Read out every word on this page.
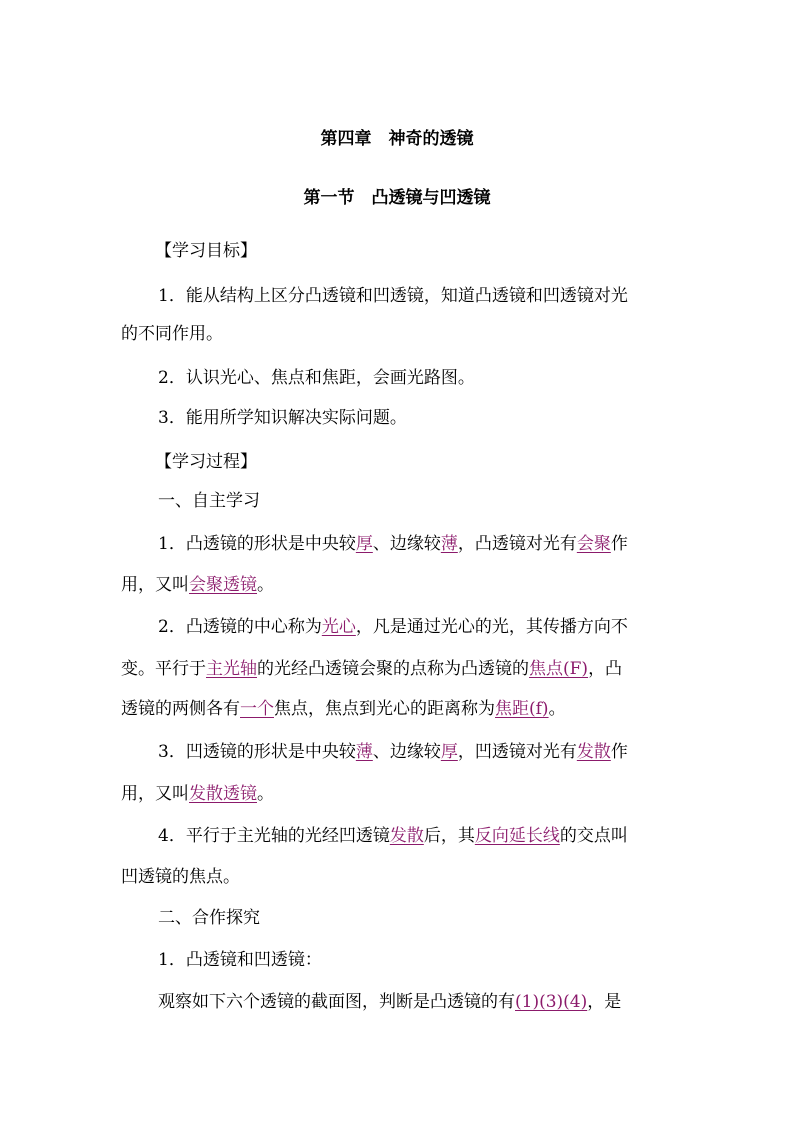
第四章　神奇的透镜
第一节　凸透镜与凹透镜
【学习目标】
1．能从结构上区分凸透镜和凹透镜，知道凸透镜和凹透镜对光
的不同作用。
2．认识光心、焦点和焦距，会画光路图。
3．能用所学知识解决实际问题。
【学习过程】
一、自主学习
1．凸透镜的形状是中央较厚、边缘较薄，凸透镜对光有会聚作
用，又叫会聚透镜。
2．凸透镜的中心称为光心，凡是通过光心的光，其传播方向不
变。平行于主光轴的光经凸透镜会聚的点称为凸透镜的焦点(F)，凸
透镜的两侧各有一个焦点，焦点到光心的距离称为焦距(f)。
3．凹透镜的形状是中央较薄、边缘较厚，凹透镜对光有发散作
用，又叫发散透镜。
4．平行于主光轴的光经凹透镜发散后，其反向延长线的交点叫
凹透镜的焦点。
二、合作探究
1．凸透镜和凹透镜：
观察如下六个透镜的截面图，判断是凸透镜的有(1)(3)(4)，是
